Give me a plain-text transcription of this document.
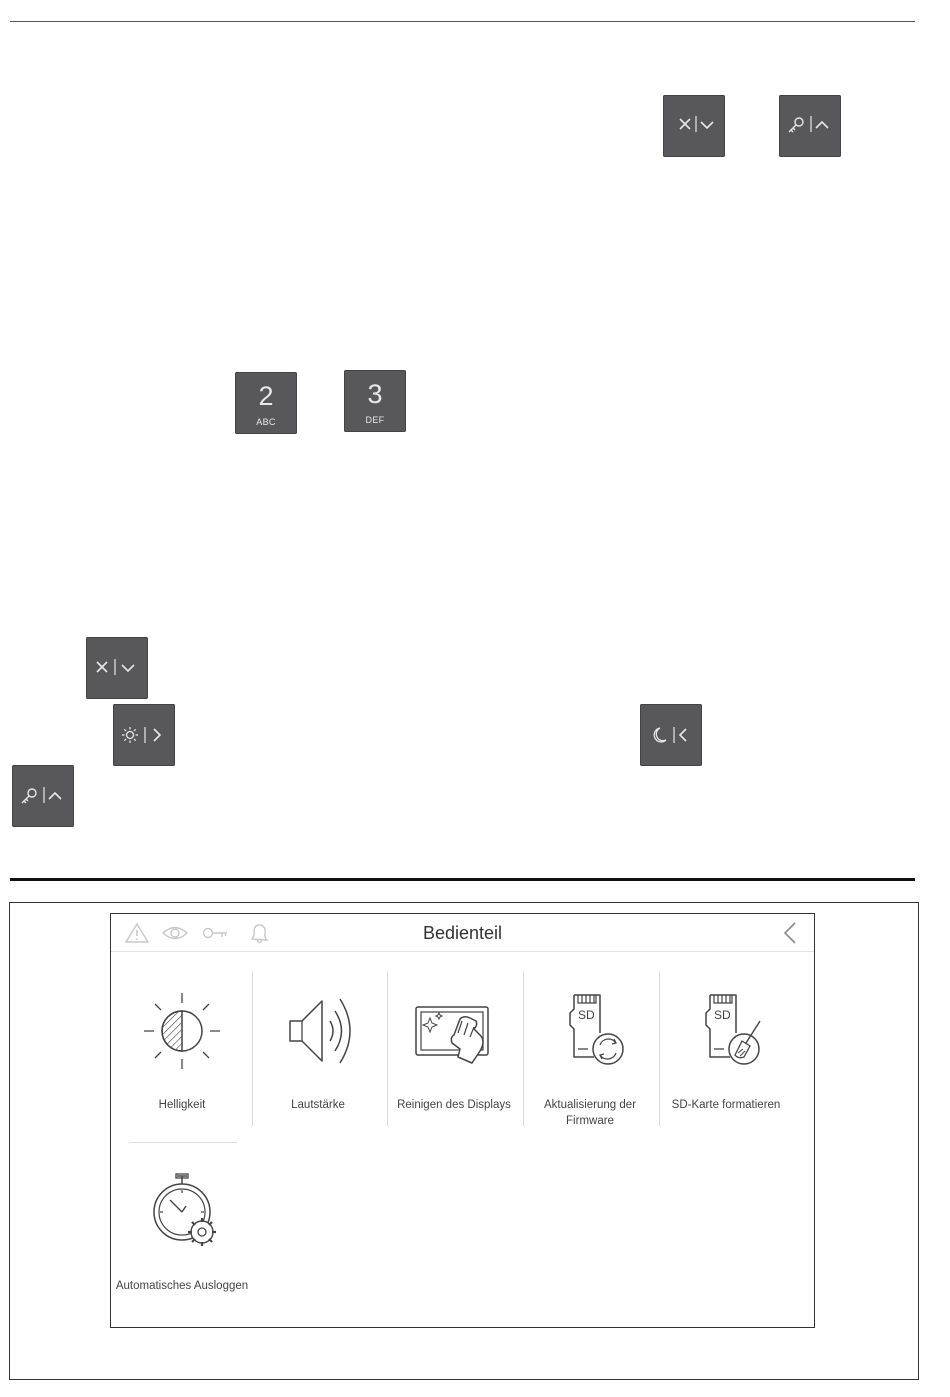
2
ABC
3
DEF
Bedienteil
Helligkeit	Lautstärke	Reinigen des Displays
SD
Aktualisierung der Firmware
SD
SD-Karte formatieren
Automatisches Ausloggen
